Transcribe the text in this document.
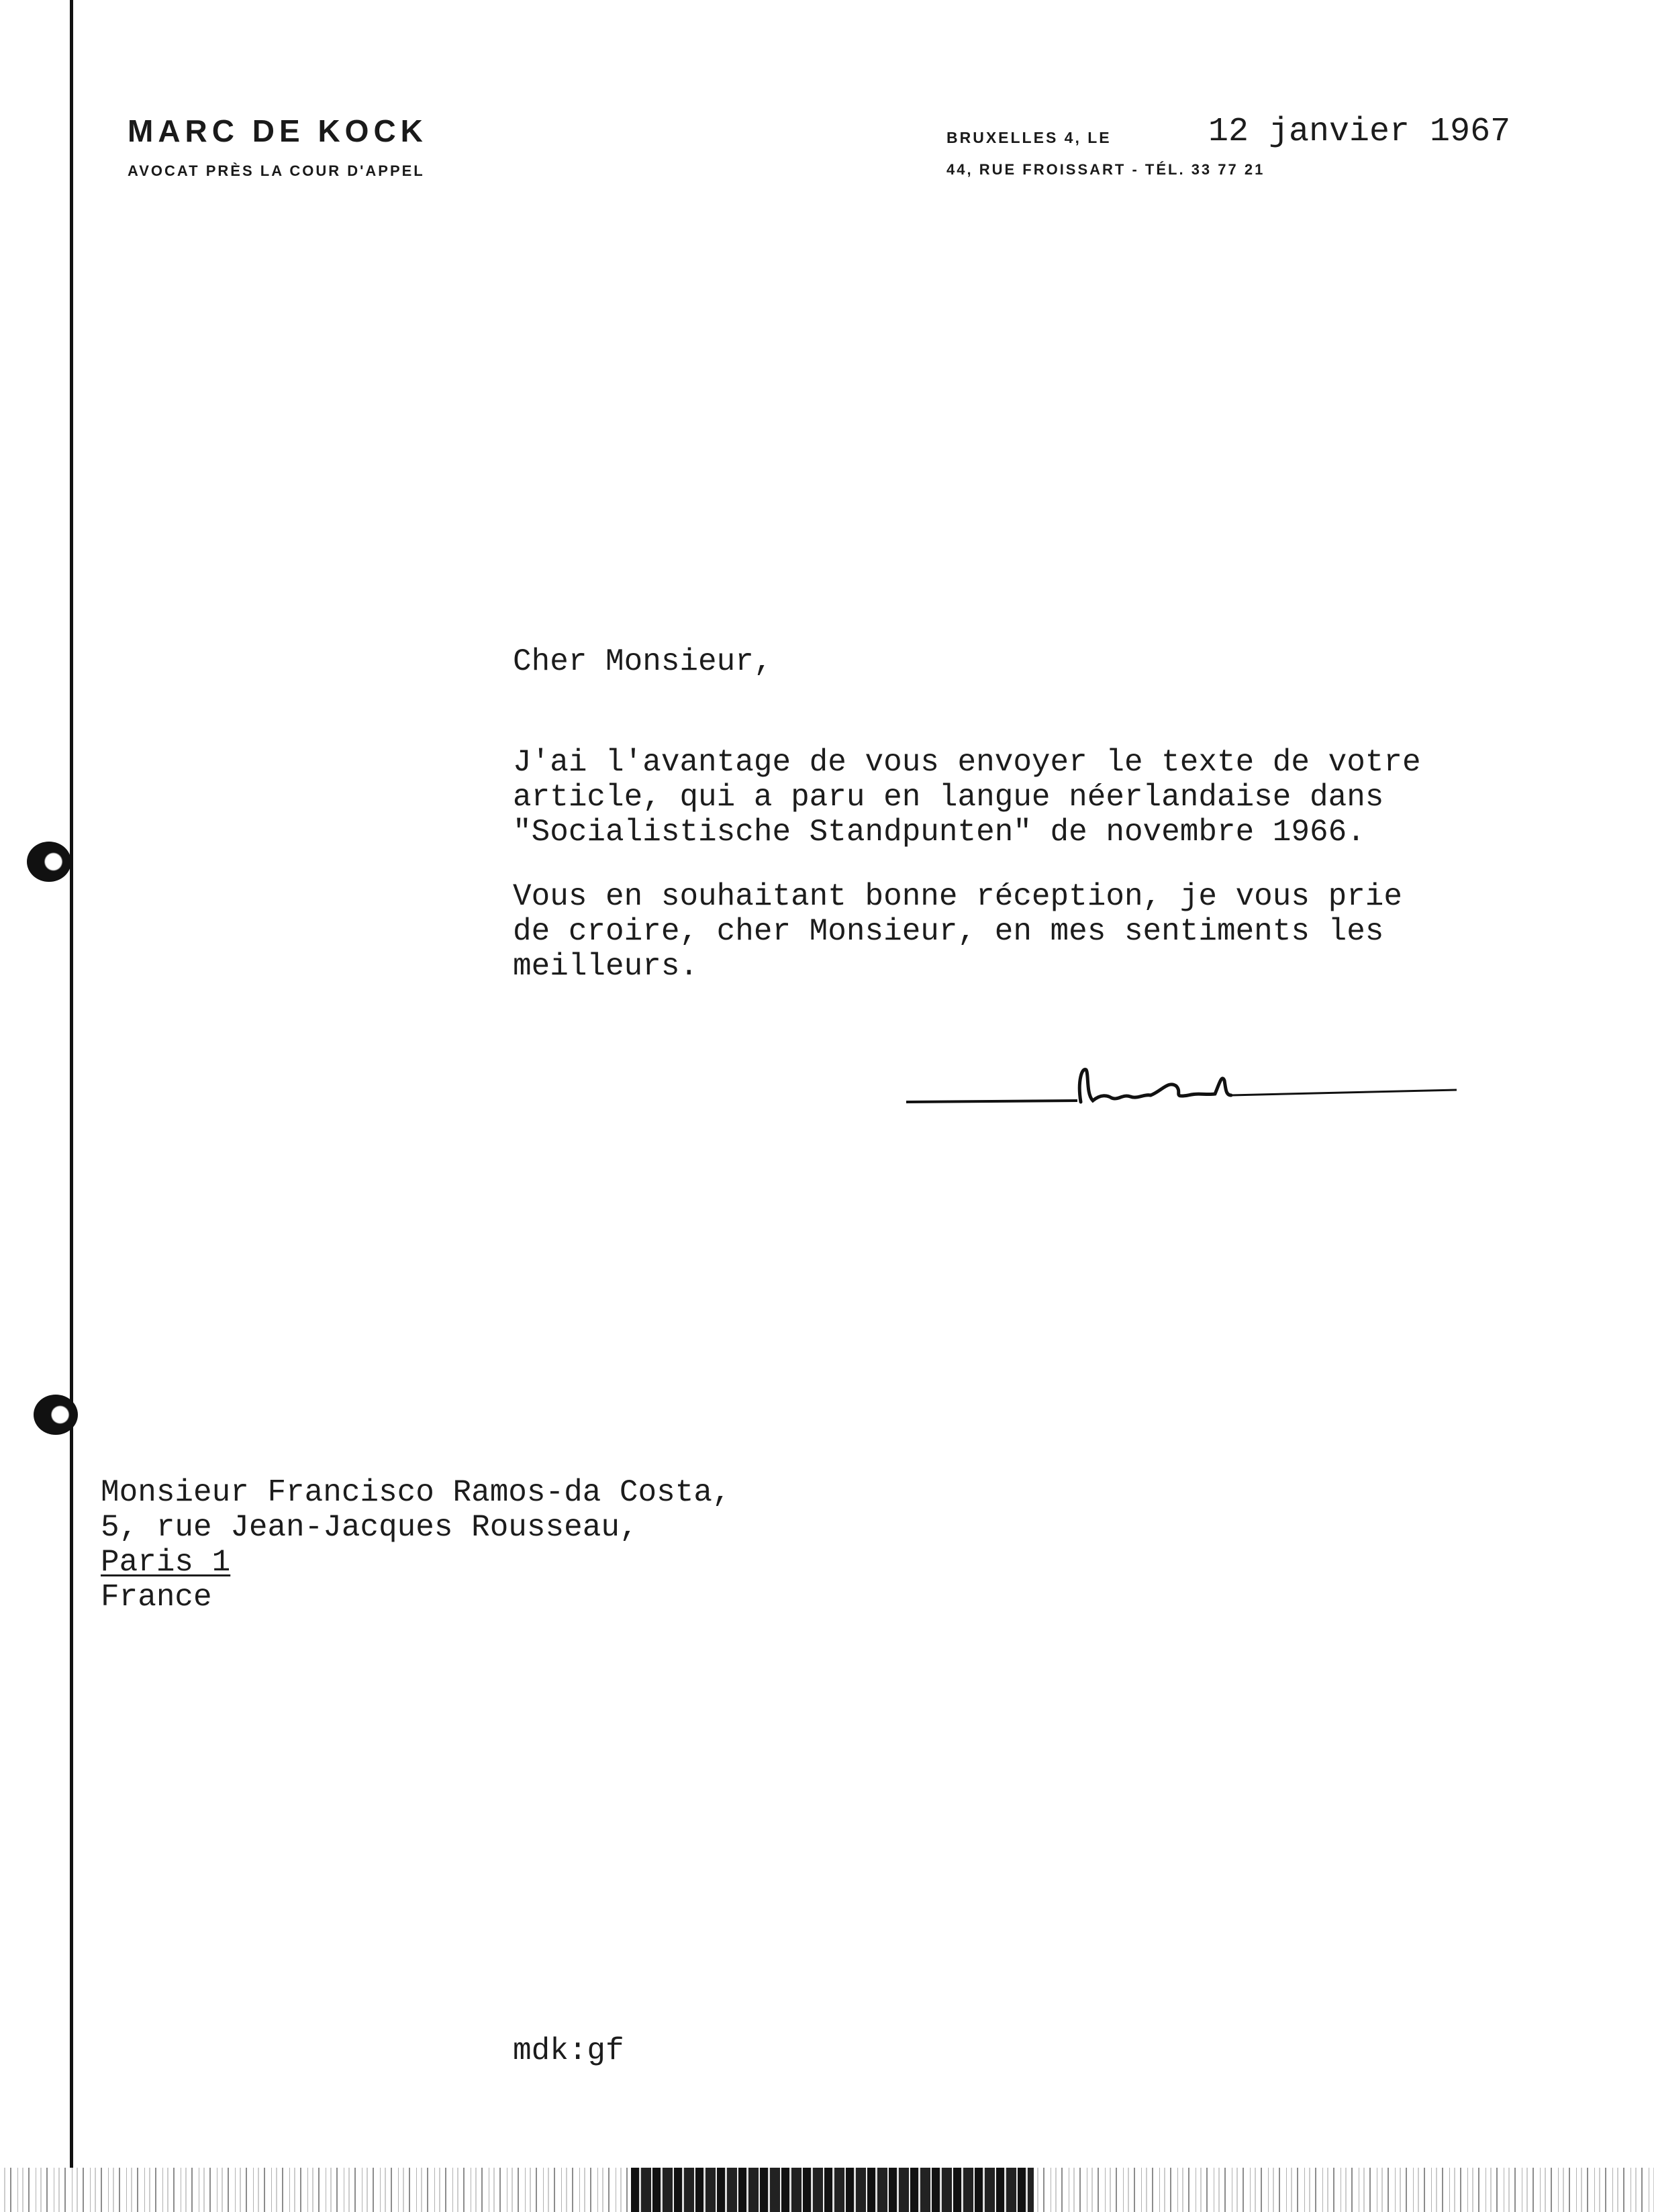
MARC DE KOCK
AVOCAT PRÈS LA COUR D'APPEL
BRUXELLES 4, LE
44, RUE FROISSART - TÉL. 33 77 21
12 janvier 1967
Cher Monsieur,

J'ai l'avantage de vous envoyer le texte de votre
article, qui a paru en langue néerlandaise dans
"Socialistische Standpunten" de novembre 1966.

Vous en souhaitant bonne réception, je vous prie
de croire, cher Monsieur, en mes sentiments les
meilleurs.

Monsieur Francisco Ramos-da Costa,
5, rue Jean-Jacques Rousseau,
Paris 1
France
mdk:gf
